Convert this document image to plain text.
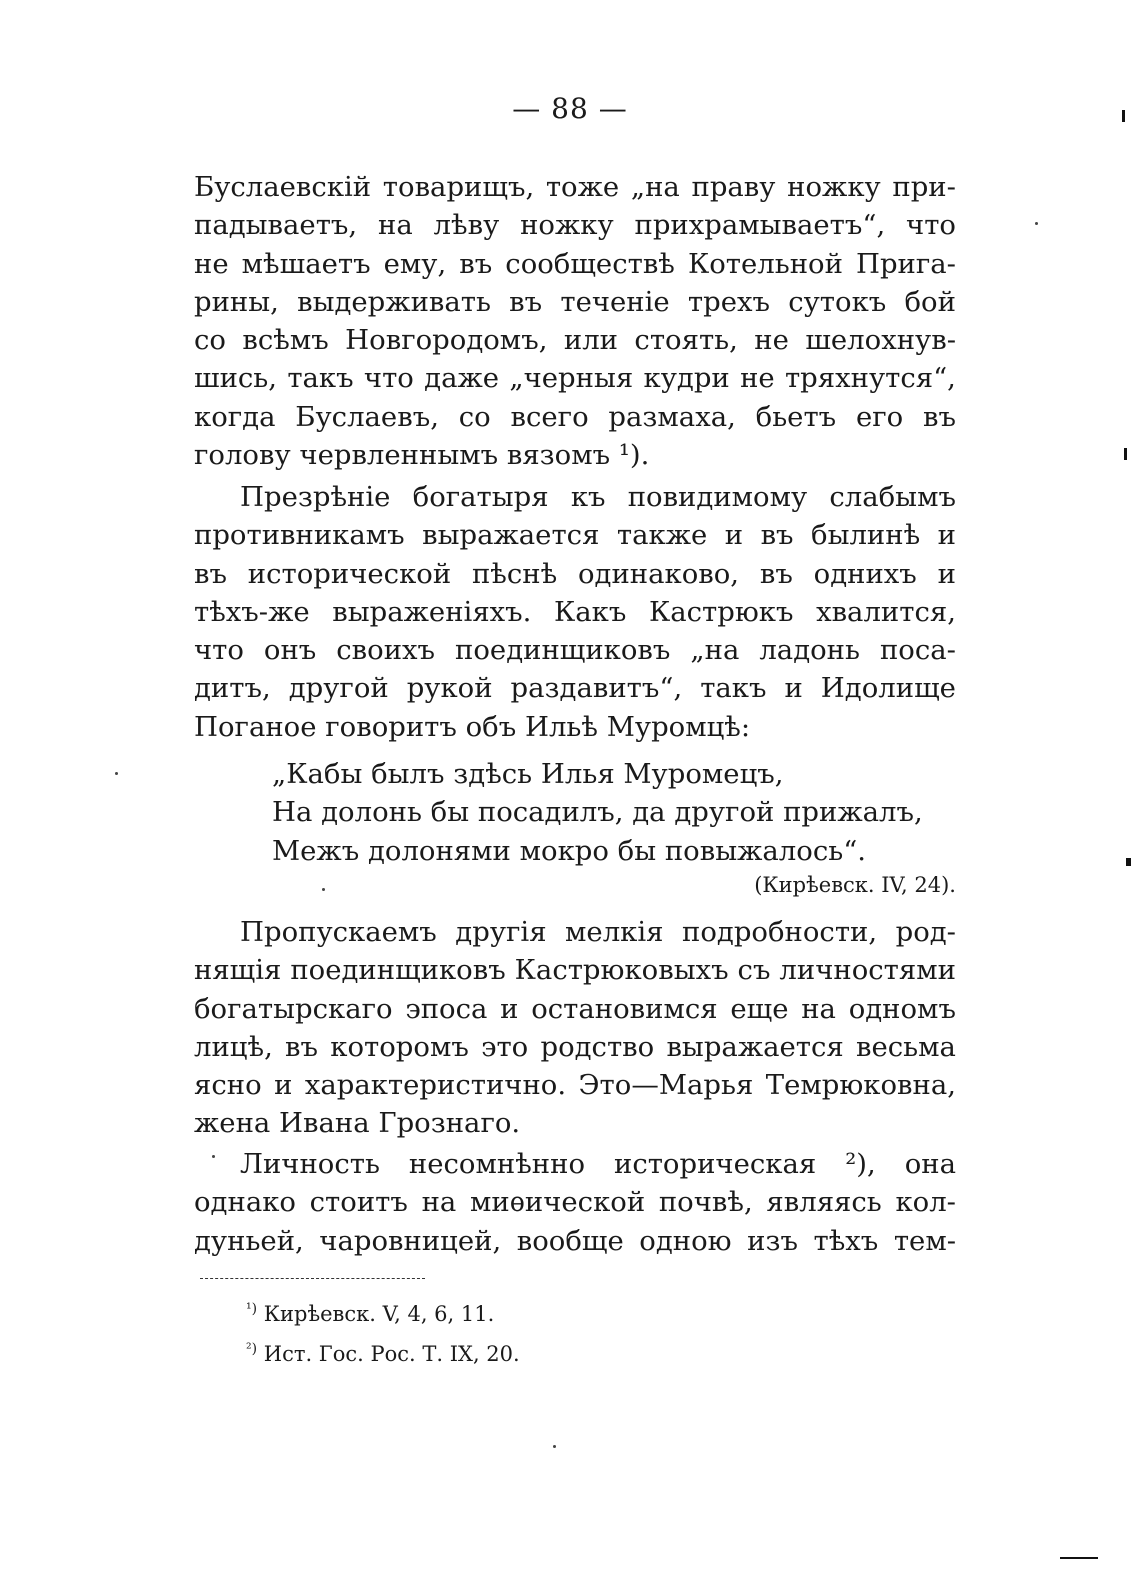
— 88 —
Буслаевскій товарищъ, тоже „на праву ножку при-
падываетъ, на лѣву ножку прихрамываетъ“, что
не мѣшаетъ ему, въ сообществѣ Котельной Прига-
рины, выдерживать въ теченіе трехъ сутокъ бой
со всѣмъ Новгородомъ, или стоять, не шелохнув-
шись, такъ что даже „черныя кудри не тряхнутся“,
когда Буслаевъ, со всего размаха, бьетъ его въ
голову червленнымъ вязомъ ¹).
Презрѣніе богатыря къ повидимому слабымъ
противникамъ выражается также и въ былинѣ и
въ исторической пѣснѣ одинаково, въ однихъ и
тѣхъ-же выраженіяхъ. Какъ Кастрюкъ хвалится,
что онъ своихъ поединщиковъ „на ладонь поса-
дитъ, другой рукой раздавитъ“, такъ и Идолище
Поганое говоритъ объ Ильѣ Муромцѣ:
„Кабы былъ здѣсь Илья Муромецъ,
На долонь бы посадилъ, да другой прижалъ,
Межъ долонями мокро бы повыжалось“.
(Кирѣевск. IV, 24).
Пропускаемъ другія мелкія подробности, род-
нящія поединщиковъ Кастрюковыхъ съ личностями
богатырскаго эпоса и остановимся еще на одномъ
лицѣ, въ которомъ это родство выражается весьма
ясно и характеристично. Это—Марья Темрюковна,
жена Ивана Грознаго.
Личность несомнѣнно историческая ²), она
однако стоитъ на миѳической почвѣ, являясь кол-
дуньей, чаровницей, вообще одною изъ тѣхъ тем-
$^{^1)}$ Кирѣевск. V, 4, 6, 11.
$^{^2)}$ Ист. Гос. Рос. Т. IX, 20.
